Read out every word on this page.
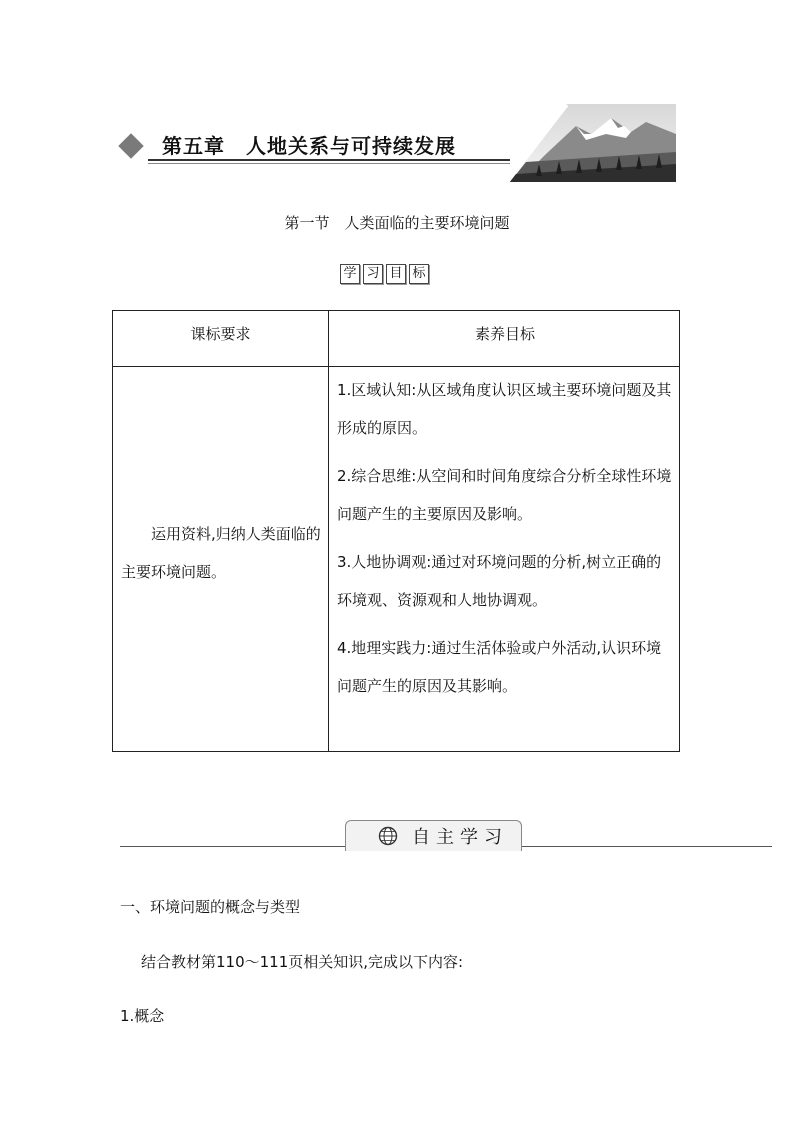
第五章　人地关系与可持续发展
第一节　人类面临的主要环境问题
学 习 目 标
课标要求	素养目标
运用资料,归纳人类面临的主要环境问题。

1.区域认知:从区域角度认识区域主要环境问题及其形成的原因。

2.综合思维:从空间和时间角度综合分析全球性环境问题产生的主要原因及影响。

3.人地协调观:通过对环境问题的分析,树立正确的环境观、资源观和人地协调观。

4.地理实践力:通过生活体验或户外活动,认识环境问题产生的原因及其影响。

自主学习
一、环境问题的概念与类型
结合教材第110～111页相关知识,完成以下内容:
1.概念
